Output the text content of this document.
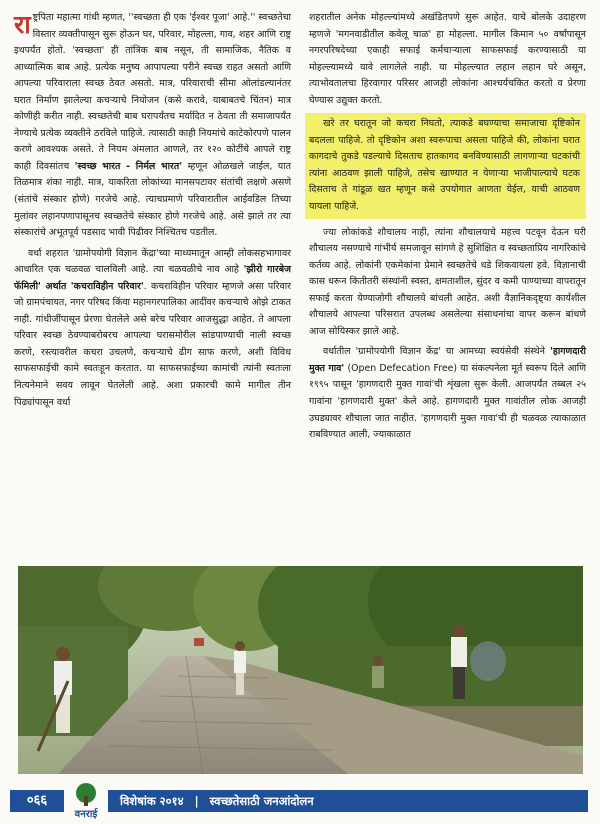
राष्ट्रपिता महात्मा गांधी म्हणत, ''स्वच्छता ही एक 'ईश्वर पूजा' आहे.'' स्वच्छतेचा विस्तार व्यक्तीपासून सुरू होऊन घर, परिवार, मोहल्ला, गाव, शहर आणि राष्ट्र इथपर्यंत होतो. 'स्वच्छता' ही तांत्रिक बाब नसून, ती सामाजिक, नैतिक व आध्यात्मिक बाब आहे. प्रत्येक मनुष्य आपापल्या परीने स्वच्छ राहत असतो आणि आपल्या परिवाराला स्वच्छ ठेवत असतो. मात्र, परिवाराची सीमा ओलांडल्यानंतर घरात निर्माण झालेल्या कचऱ्याचे नियोजन (कसे करावे, याबाबतचे चिंतन) मात्र कोणीही करीत नाही. स्वच्छतेची बाब घरापर्यंतच मर्यादित न ठेवता ती समाजापर्यंत नेण्याचे प्रत्येक व्यक्तीने ठरविले पाहिजे. त्यासाठी काही नियमांचे काटेकोरपणे पालन करणे आवश्यक असते. ते नियम अंमलात आणले, तर १२० कोटींचे आपले राष्ट्र काही दिवसांतच 'स्वच्छ भारत - निर्मल भारत' म्हणून ओळखले जाईल, यात तिळमात्र शंका नाही. मात्र, याकरिता लोकांच्या मानसपटावर संतांची लक्षणे असणे (संतांचे संस्कार होणे) गरजेचे आहे. त्याचप्रमाणे परिवारातील आईवडिल तिच्या मुलांवर लहानपणापासूनच स्वच्छतेचे संस्कार होणे गरजेचे आहे. असे झाले तर त्या संस्कारांचे अभूतपूर्व पडसाद भावी पिढीवर निश्चितच पडतील.

वर्धा शहरात 'ग्रामोपयोगी विज्ञान केंद्रा'च्या माध्यमातून आम्ही लोकसहभागावर आधारित एक चळवळ चालविली आहे. त्या चळवळीचे नाव आहे 'झीरो गारबेज फॅमिली' अर्थात 'कचराविहीन परिवार'. कचराविहीन परिवार म्हणजे असा परिवार जो ग्रामपंचायत, नगर परिषद किंवा महानगरपालिका आदींवर कचऱ्याचे ओझे टाकत नाही. गांधीजींपासून प्रेरणा घेतलेले असे बरेच परिवार आजसुद्धा आहेत. ते आपला परिवार स्वच्छ ठेवण्याबरोबरच आपल्या घरासमोरील सांडपाण्याची नाली स्वच्छ करणे, रस्त्यावरील कचरा उचलणे, कचऱ्याचे ढीग साफ करणे, अशी विविध साफसफाईची कामे स्वतःहून करतात. या साफसफाईच्या कामांची त्यांनी स्वतःला नित्यनेमाने सवय लावून घेतलेली आहे. अशा प्रकारची कामे मागील तीन पिढ्यांपासून वर्धा

शहरातील अनेक मोहल्ल्यांमध्ये अखंडितपणे सुरू आहेत. याचे बोलके उदाहरण म्हणजे 'मगनवाडीतील कवेलू चाळ' हा मोहल्ला. मागील किमान ५० वर्षांपासून नगरपरिषदेच्या एकाही सफाई कर्मचाऱ्याला साफसफाई करण्यासाठी या मोहल्ल्यामध्ये यावे लागलेले नाही. या मोहल्ल्यात लहान लहान घरे असून, त्याभोवतालचा हिरवागार परिसर आजही लोकांना आश्चर्यचकित करतो व प्रेरणा घेण्यास उद्युक्त करतो.

खरे तर घरातून जो कचरा निघतो, त्याकडे बघण्याचा समाजाचा दृष्टिकोन बदलला पाहिजे. तो दृष्टिकोन अशा स्वरूपाचा असला पाहिजे की, लोकांना घरात कागदाचे तुकडे पडल्याचे दिसताच हातकागद बनविण्यासाठी लागणाऱ्या घटकांची त्यांना आठवण झाली पाहिजे, तसेच खाण्यात न येणाऱ्या भाजीपाल्याचे घटक दिसताच ते गांडूळ खत म्हणून कसे उपयोगात आणता येईल, याची आठवण यायला पाहिजे.

ज्या लोकांकडे शौचालय नाही, त्यांना शौचालयाचे महत्त्व पटवून देऊन घरी शौचालय नसण्याचे गांभीर्य समजावून सांगणे हे सुशिक्षित व स्वच्छताप्रिय नागरिकांचे कर्तव्य आहे. लोकांनी एकमेकांना प्रेमाने स्वच्छतेचे धडे शिकवायला हवे. विज्ञानाची कास धरून कितीतरी संस्थांनी स्वस्त, क्षमताशील, सुंदर व कमी पाण्याच्या वापरातून सफाई करता येण्याजोगी शौचालये बांधली आहेत. अशी वैज्ञानिकदृष्ट्या कार्यशील शौचालये आपल्या परिसरात उपलब्ध असलेल्या संसाधनांचा वापर करून बांधणे आज सोयिस्कर झाले आहे.

वर्धातील 'ग्रामोपयोगी विज्ञान केंद्र' या आमच्या स्वयंसेवी संस्थेने 'हागणदारी मुक्त गाव' (Open Defecation Free) या संकल्पनेला मूर्त स्वरूप दिले आणि १९९५ पासून 'हागणदारी मुक्त गावां'ची शृंखला सुरू केली. आजपर्यंत तब्बल २५ गावांना 'हागणदारी मुक्त' केले आहे. हागणदारी मुक्त गावांतील लोक आजही उघड्यावर शौचाला जात नाहीत. 'हागणदारी मुक्त गावा'ची ही चळवळ त्याकाळात राबविण्यात आली, ज्याकाळात

०६६
वनराई
विशेषांक २०१४ | स्वच्छतेसाठी जनआंदोलन
